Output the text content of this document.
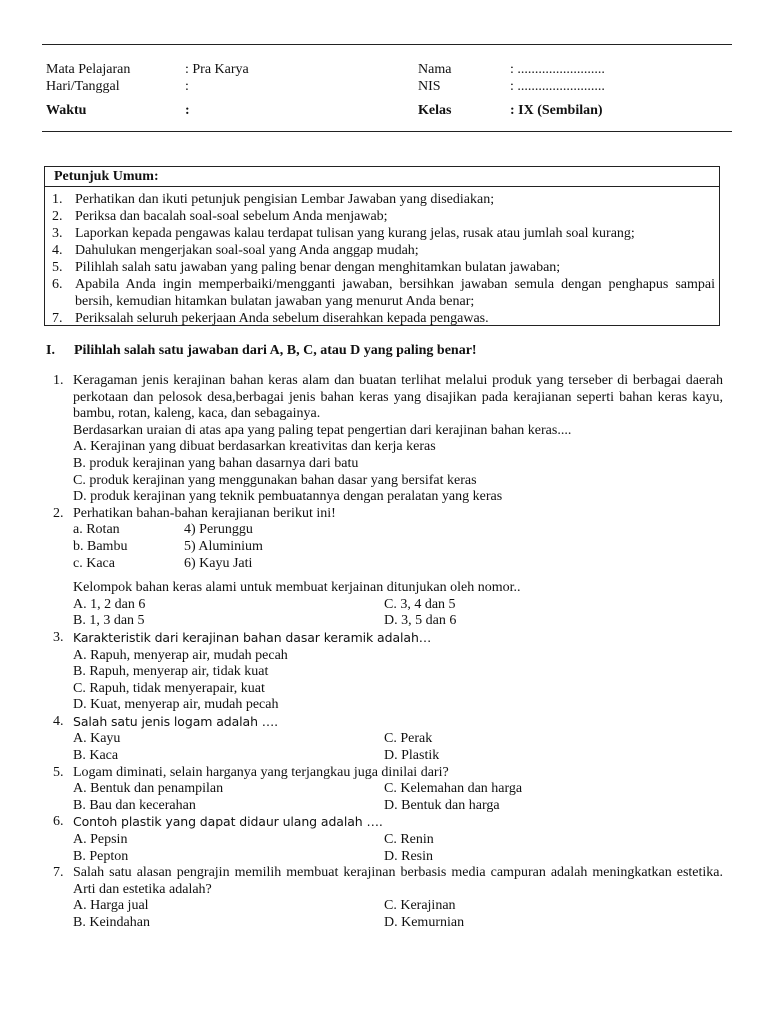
Mata Pelajaran	: Pra Karya	Nama	: .........................
Hari/Tanggal	:	NIS	: .........................
Waktu	:	Kelas	: IX (Sembilan)
Petunjuk Umum:
1. Perhatikan dan ikuti petunjuk pengisian Lembar Jawaban yang disediakan;
2. Periksa dan bacalah soal-soal sebelum Anda menjawab;
3. Laporkan kepada pengawas kalau terdapat tulisan yang kurang jelas, rusak atau jumlah soal kurang;
4. Dahulukan mengerjakan soal-soal yang Anda anggap mudah;
5. Pilihlah salah satu jawaban yang paling benar dengan menghitamkan bulatan jawaban;
6. Apabila Anda ingin memperbaiki/mengganti jawaban, bersihkan jawaban semula dengan penghapus sampai bersih, kemudian hitamkan bulatan jawaban yang menurut Anda benar;
7. Periksalah seluruh pekerjaan Anda sebelum diserahkan kepada pengawas.
I. Pilihlah salah satu jawaban dari A, B, C, atau D yang paling benar!
1. Keragaman jenis kerajinan bahan keras alam dan buatan terlihat melalui produk yang terseber di berbagai daerah perkotaan dan pelosok desa,berbagai jenis bahan keras yang disajikan pada kerajianan seperti bahan keras kayu, bambu, rotan, kaleng, kaca, dan sebagainya.
Berdasarkan uraian di atas apa yang paling tepat pengertian dari kerajinan bahan keras....
A. Kerajinan yang dibuat berdasarkan kreativitas dan kerja keras
B. produk kerajinan yang bahan dasarnya dari batu
C. produk kerajinan yang menggunakan bahan dasar yang bersifat keras
D. produk kerajinan yang teknik pembuatannya dengan peralatan yang keras
2. Perhatikan bahan-bahan kerajianan berikut ini!
a. Rotan	4) Perunggu
b. Bambu	5) Aluminium
c. Kaca	6) Kayu Jati
Kelompok bahan keras alami untuk membuat kerjainan ditunjukan oleh nomor..
A. 1, 2 dan 6	C. 3, 4 dan 5
B. 1, 3 dan 5	D. 3, 5 dan 6
3. Karakteristik dari kerajinan bahan dasar keramik adalah…
A. Rapuh, menyerap air, mudah pecah
B. Rapuh, menyerap air, tidak kuat
C. Rapuh, tidak menyerapair, kuat
D. Kuat, menyerap air, mudah pecah
4. Salah satu jenis logam adalah ….
A. Kayu	C. Perak
B. Kaca	D. Plastik
5. Logam diminati, selain harganya yang terjangkau juga dinilai dari?
A. Bentuk dan penampilan	C. Kelemahan dan harga
B. Bau dan kecerahan	D. Bentuk dan harga
6. Contoh plastik yang dapat didaur ulang adalah ….
A. Pepsin	C. Renin
B. Pepton	D. Resin
7. Salah satu alasan pengrajin memilih membuat kerajinan berbasis media campuran adalah meningkatkan estetika. Arti dan estetika adalah?
A. Harga jual	C. Kerajinan
B. Keindahan	D. Kemurnian
